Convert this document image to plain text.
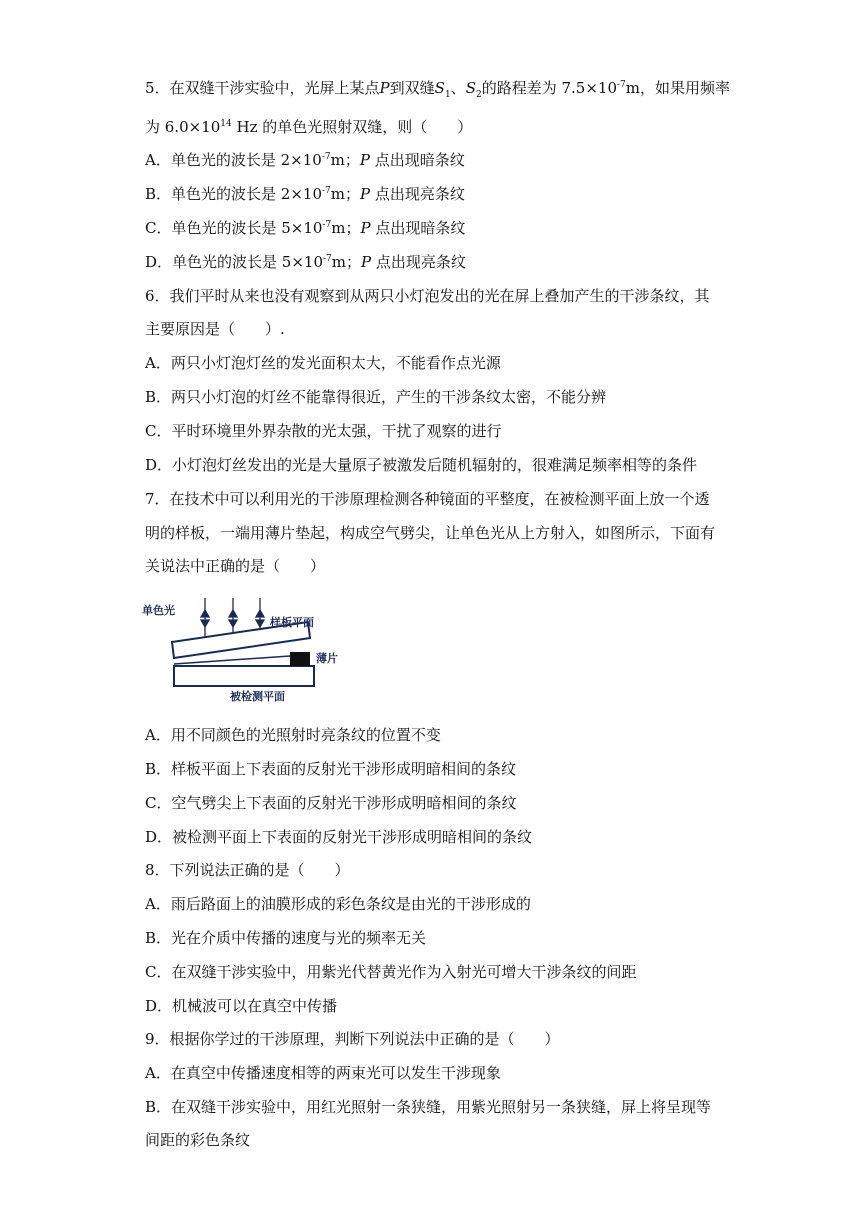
5．在双缝干涉实验中，光屏上某点P到双缝$S_1$、$S_2$的路程差为 $7.5\times 10^{-7}m$，如果用频率
为 $6.0\times 10^{14}$ Hz 的单色光照射双缝，则（　　）
A．单色光的波长是 $2\times 10^{-7}m$；P 点出现暗条纹
B．单色光的波长是 $2\times 10^{-7}m$；P 点出现亮条纹
C．单色光的波长是 $5\times 10^{-7}m$；P 点出现暗条纹
D．单色光的波长是 $5\times 10^{-7}m$；P 点出现亮条纹
6．我们平时从来也没有观察到从两只小灯泡发出的光在屏上叠加产生的干涉条纹，其
主要原因是（　　）.
A．两只小灯泡灯丝的发光面积太大，不能看作点光源
B．两只小灯泡的灯丝不能靠得很近，产生的干涉条纹太密，不能分辨
C．平时环境里外界杂散的光太强，干扰了观察的进行
D．小灯泡灯丝发出的光是大量原子被激发后随机辐射的，很难满足频率相等的条件
7．在技术中可以利用光的干涉原理检测各种镜面的平整度，在被检测平面上放一个透
明的样板，一端用薄片垫起，构成空气劈尖，让单色光从上方射入，如图所示，下面有
关说法中正确的是（　　）
单色光
样板平面
薄片
被检测平面
A．用不同颜色的光照射时亮条纹的位置不变
B．样板平面上下表面的反射光干涉形成明暗相间的条纹
C．空气劈尖上下表面的反射光干涉形成明暗相间的条纹
D．被检测平面上下表面的反射光干涉形成明暗相间的条纹
8．下列说法正确的是（　　）
A．雨后路面上的油膜形成的彩色条纹是由光的干涉形成的
B．光在介质中传播的速度与光的频率无关
C．在双缝干涉实验中，用紫光代替黄光作为入射光可增大干涉条纹的间距
D．机械波可以在真空中传播
9．根据你学过的干涉原理，判断下列说法中正确的是（　　）
A．在真空中传播速度相等的两束光可以发生干涉现象
B．在双缝干涉实验中，用红光照射一条狭缝，用紫光照射另一条狭缝，屏上将呈现等
间距的彩色条纹
